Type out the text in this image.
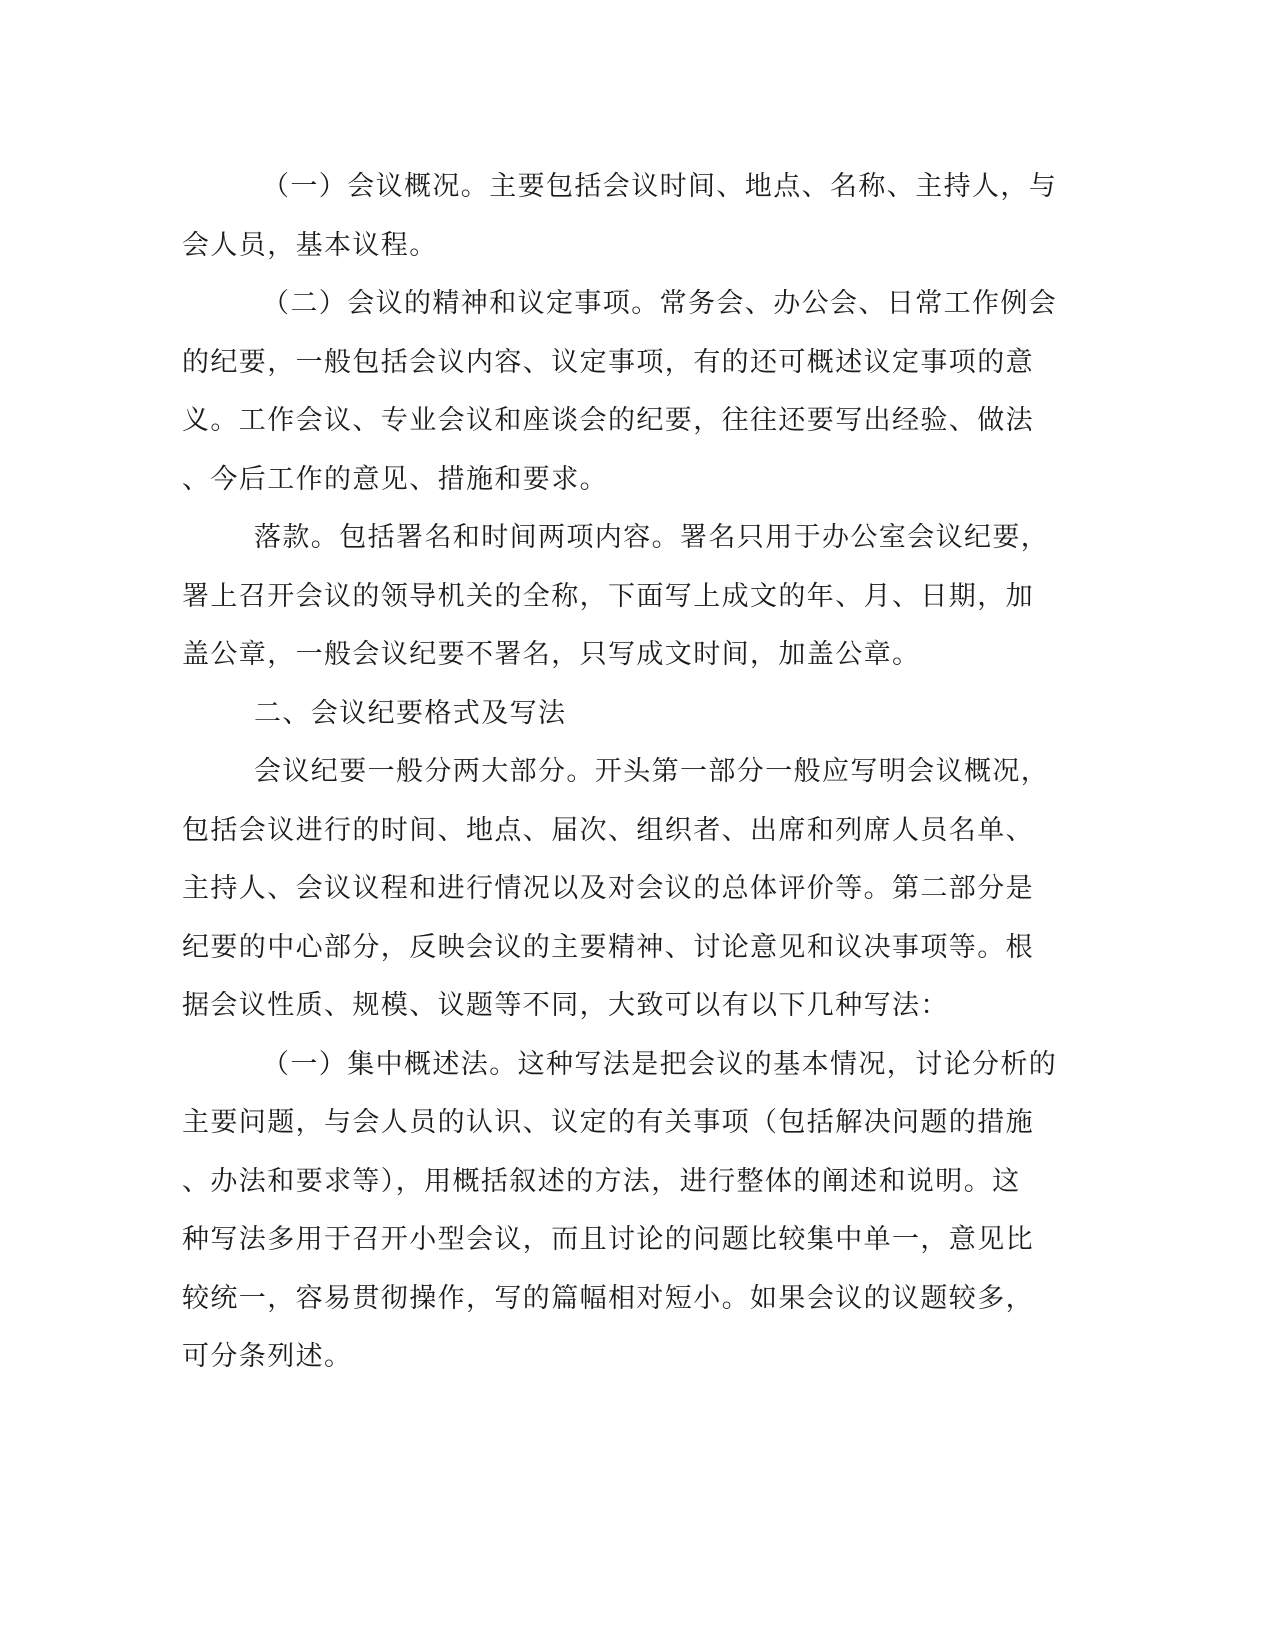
（一）会议概况。主要包括会议时间、地点、名称、主持人，与
会人员，基本议程。
（二）会议的精神和议定事项。常务会、办公会、日常工作例会
的纪要，一般包括会议内容、议定事项，有的还可概述议定事项的意
义。工作会议、专业会议和座谈会的纪要，往往还要写出经验、做法
、今后工作的意见、措施和要求。
落款。包括署名和时间两项内容。署名只用于办公室会议纪要，
署上召开会议的领导机关的全称，下面写上成文的年、月、日期，加
盖公章，一般会议纪要不署名，只写成文时间，加盖公章。
二、会议纪要格式及写法
会议纪要一般分两大部分。开头第一部分一般应写明会议概况，
包括会议进行的时间、地点、届次、组织者、出席和列席人员名单、
主持人、会议议程和进行情况以及对会议的总体评价等。第二部分是
纪要的中心部分，反映会议的主要精神、讨论意见和议决事项等。根
据会议性质、规模、议题等不同，大致可以有以下几种写法：
（一）集中概述法。这种写法是把会议的基本情况，讨论分析的
主要问题，与会人员的认识、议定的有关事项（包括解决问题的措施
、办法和要求等），用概括叙述的方法，进行整体的阐述和说明。这
种写法多用于召开小型会议，而且讨论的问题比较集中单一，意见比
较统一，容易贯彻操作，写的篇幅相对短小。如果会议的议题较多，
可分条列述。
